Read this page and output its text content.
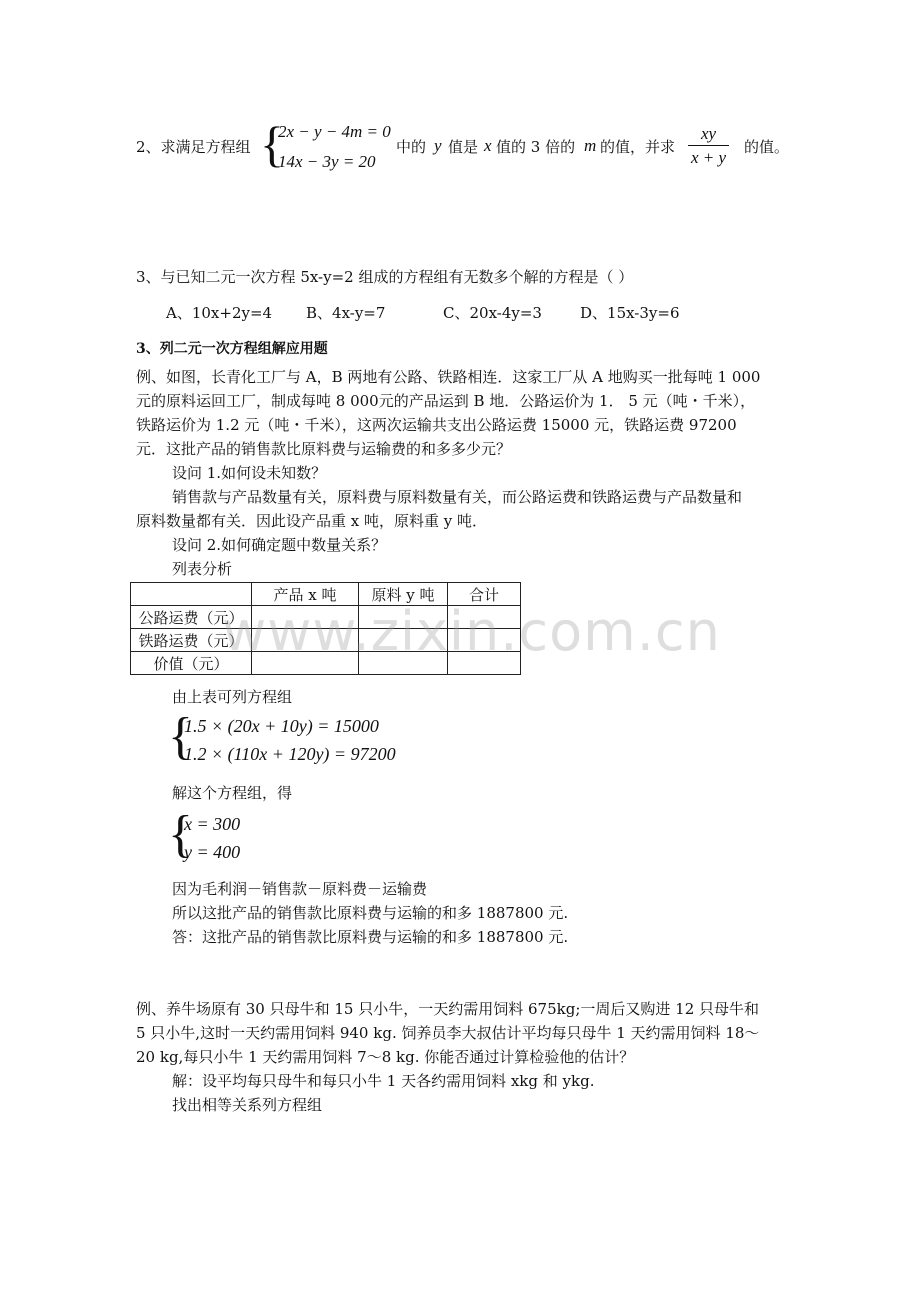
2、求满足方程组 {
2x − y − 4m = 0
14x − 3y = 20
中的 y 值是 x 值的 3 倍的 m 的值，并求 $\frac{xy}{x + y}$ 的值。
3、与已知二元一次方程 5x-y=2 组成的方程组有无数多个解的方程是（ ）
A、10x+2y=4 B、4x-y=7	C、20x-4y=3	D、15x-3y=6
3、列二元一次方程组解应用题
例、如图，长青化工厂与 A，B 两地有公路、铁路相连．这家工厂从 A 地购买一批每吨 1 000
元的原料运回工厂，制成每吨 8 000元的产品运到 B 地．公路运价为 1． 5 元（吨・千米），
铁路运价为 1.2 元（吨・千米），这两次运输共支出公路运费 15000 元，铁路运费 97200
元．这批产品的销售款比原料费与运输费的和多多少元？
设问 1.如何设未知数？
销售款与产品数量有关，原料费与原料数量有关，而公路运费和铁路运费与产品数量和
原料数量都有关．因此设产品重 x 吨，原料重 y 吨．
设问 2.如何确定题中数量关系？
列表分析
	产品 x 吨	原料 y 吨	合计
公路运费（元）			
铁路运费（元）			
价值（元）			
由上表可列方程组
{
1.5 × (20x + 10y) = 15000
1.2 × (110x + 120y) = 97200
解这个方程组，得
{
x = 300
y = 400
因为毛利润－销售款－原料费－运输费
所以这批产品的销售款比原料费与运输的和多 1887800 元.
答：这批产品的销售款比原料费与运输的和多 1887800 元.
例、养牛场原有 30 只母牛和 15 只小牛，一天约需用饲料 675kg;一周后又购进 12 只母牛和
5 只小牛,这时一天约需用饲料 940 kg. 饲养员李大叔估计平均每只母牛 1 天约需用饲料 18～
20 kg,每只小牛 1 天约需用饲料 7～8 kg. 你能否通过计算检验他的估计？
解：设平均每只母牛和每只小牛 1 天各约需用饲料 xkg 和 ykg.
找出相等关系列方程组
www.zixin.com.cn
